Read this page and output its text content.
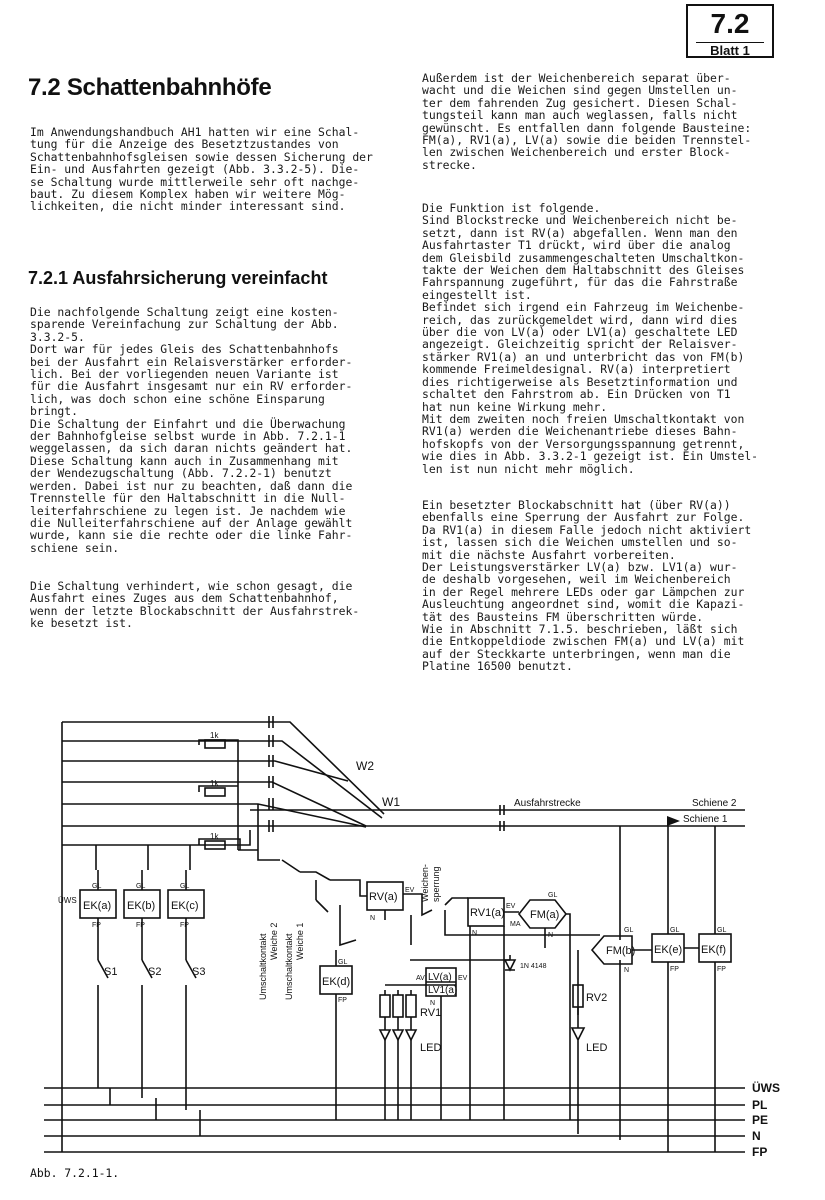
7.2
Blatt 1
7.2 Schattenbahnhöfe
Im Anwendungshandbuch AH1 hatten wir eine Schal-
tung für die Anzeige des Besetztzustandes von
Schattenbahnhofsgleisen sowie dessen Sicherung der
Ein- und Ausfahrten gezeigt (Abb. 3.3.2-5). Die-
se Schaltung wurde mittlerweile sehr oft nachge-
baut. Zu diesem Komplex haben wir weitere Mög-
lichkeiten, die nicht minder interessant sind.
7.2.1 Ausfahrsicherung vereinfacht
Die nachfolgende Schaltung zeigt eine kosten-
sparende Vereinfachung zur Schaltung der Abb.
3.3.2-5.
Dort war für jedes Gleis des Schattenbahnhofs
bei der Ausfahrt ein Relaisverstärker erforder-
lich. Bei der vorliegenden neuen Variante ist
für die Ausfahrt insgesamt nur ein RV erforder-
lich, was doch schon eine schöne Einsparung
bringt.
Die Schaltung der Einfahrt und die Überwachung
der Bahnhofgleise selbst wurde in Abb. 7.2.1-1
weggelassen, da sich daran nichts geändert hat.
Diese Schaltung kann auch in Zusammenhang mit
der Wendezugschaltung (Abb. 7.2.2-1) benutzt
werden. Dabei ist nur zu beachten, daß dann die
Trennstelle für den Haltabschnitt in die Null-
leiterfahrschiene zu legen ist. Je nachdem wie
die Nulleiterfahrschiene auf der Anlage gewählt
wurde, kann sie die rechte oder die linke Fahr-
schiene sein.
Die Schaltung verhindert, wie schon gesagt, die
Ausfahrt eines Zuges aus dem Schattenbahnhof,
wenn der letzte Blockabschnitt der Ausfahrstrek-
ke besetzt ist.
Außerdem ist der Weichenbereich separat über-
wacht und die Weichen sind gegen Umstellen un-
ter dem fahrenden Zug gesichert. Diesen Schal-
tungsteil kann man auch weglassen, falls nicht
gewünscht. Es entfallen dann folgende Bausteine:
FM(a), RV1(a), LV(a) sowie die beiden Trennstel-
len zwischen Weichenbereich und erster Block-
strecke.
Die Funktion ist folgende.
Sind Blockstrecke und Weichenbereich nicht be-
setzt, dann ist RV(a) abgefallen. Wenn man den
Ausfahrtaster T1 drückt, wird über die analog
dem Gleisbild zusammengeschalteten Umschaltkon-
takte der Weichen dem Haltabschnitt des Gleises
Fahrspannung zugeführt, für das die Fahrstraße
eingestellt ist.
Befindet sich irgend ein Fahrzeug im Weichenbe-
reich, das zurückgemeldet wird, dann wird dies
über die von LV(a) oder LV1(a) geschaltete LED
angezeigt. Gleichzeitig spricht der Relaisver-
stärker RV1(a) an und unterbricht das von FM(b)
kommende Freimeldesignal. RV(a) interpretiert
dies richtigerweise als Besetztinformation und
schaltet den Fahrstrom ab. Ein Drücken von T1
hat nun keine Wirkung mehr.
Mit dem zweiten noch freien Umschaltkontakt von
RV1(a) werden die Weichenantriebe dieses Bahn-
hofskopfs von der Versorgungsspannung getrennt,
wie dies in Abb. 3.3.2-1 gezeigt ist. Ein Umstel-
len ist nun nicht mehr möglich.
Ein besetzter Blockabschnitt hat (über RV(a))
ebenfalls eine Sperrung der Ausfahrt zur Folge.
Da RV1(a) in diesem Falle jedoch nicht aktiviert
ist, lassen sich die Weichen umstellen und so-
mit die nächste Ausfahrt vorbereiten.
Der Leistungsverstärker LV(a) bzw. LV1(a) wur-
de deshalb vorgesehen, weil im Weichenbereich
in der Regel mehrere LEDs oder gar Lämpchen zur
Ausleuchtung angeordnet sind, womit die Kapazi-
tät des Bausteins FM überschritten würde.
Wie in Abschnitt 7.1.5. beschrieben, läßt sich
die Entkoppeldiode zwischen FM(a) und LV(a) mit
auf der Steckkarte unterbringen, wenn man die
Platine 16500 benutzt.
W2
W1	Ausfahrstrecke	Schiene 2
Schiene 1
1k
1k
1k
EK(a) EK(b) EK(c)
EK(d)
RV(a)
RV1(a) FM(a)
FM(b) EK(e) EK(f)
LV(a)
LV1(a)
GL	GL	GL
FP	FP	FP
GL
FP
EV
N
EV
N
MA
GL
N
GL
N
GL	GL
FP	FP
EV
AV
N
S1	S2	S3
ÜWS
Umschaltkontakt Weiche 2 Umschaltkontakt Weiche 1
Weichen- sperrung
1N 4148
RV1
RV2
LED	LED
ÜWS
PL
PE
N
FP
Abb. 7.2.1-1.
